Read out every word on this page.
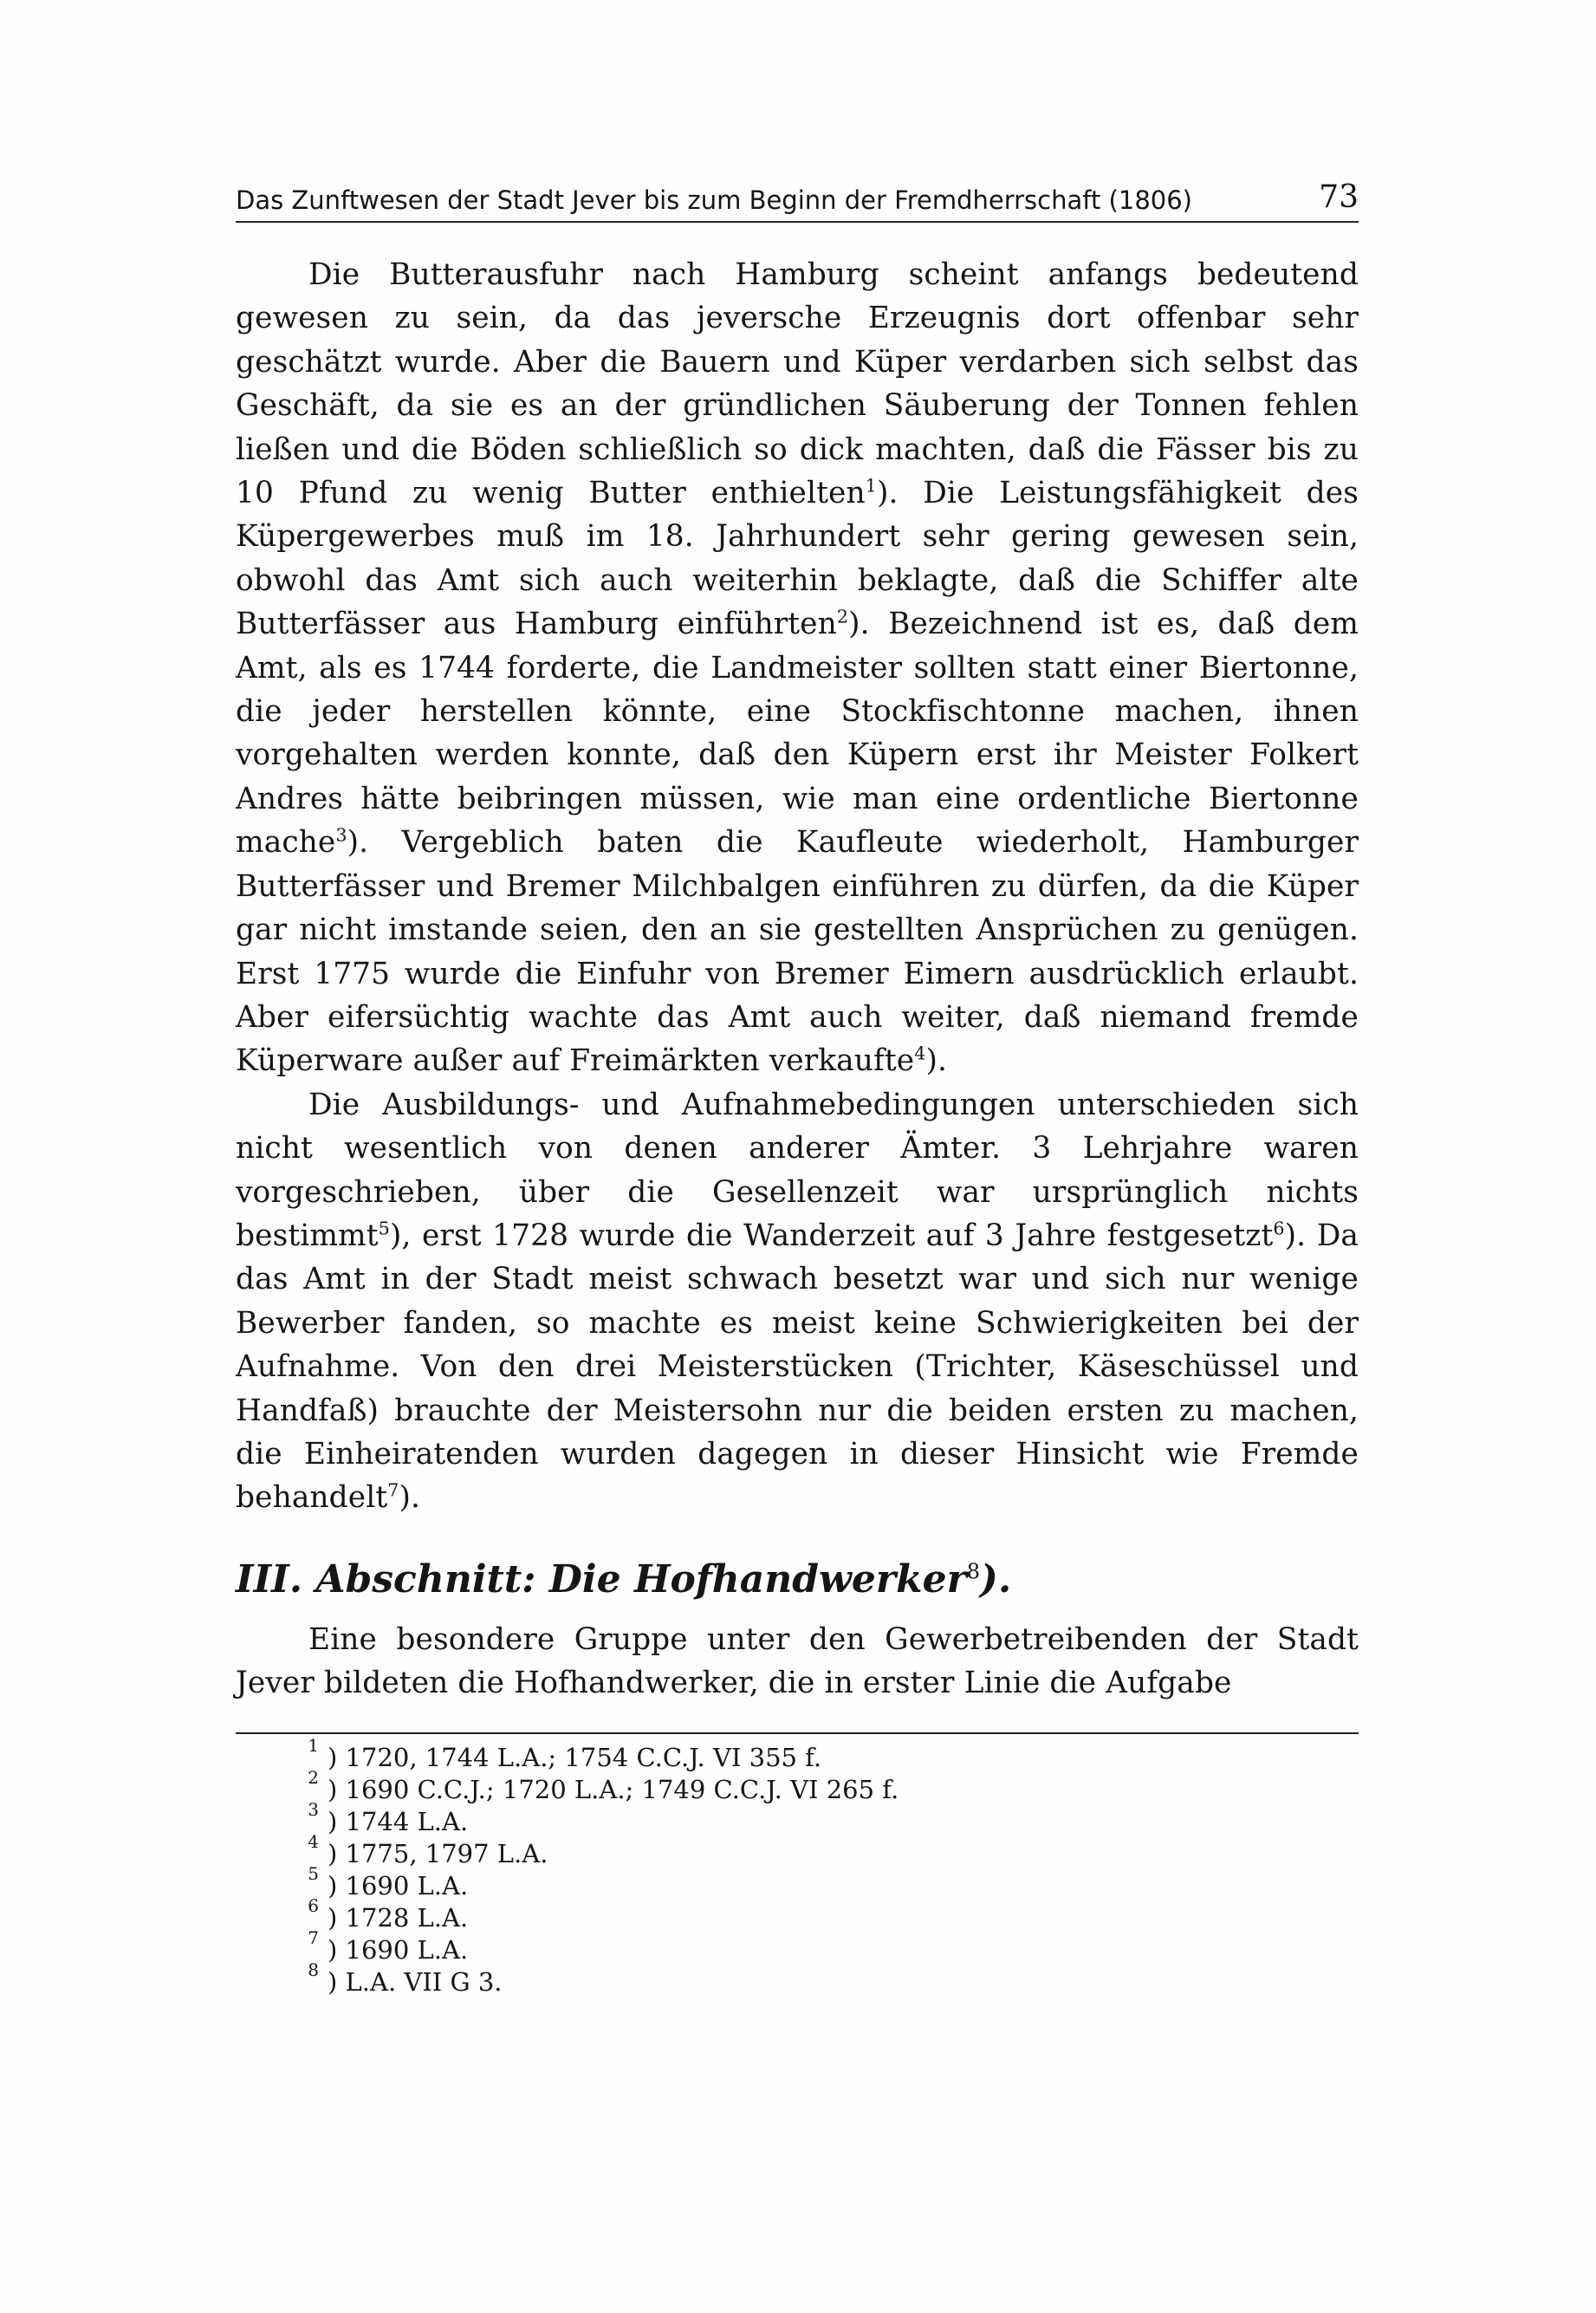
Das Zunftwesen der Stadt Jever bis zum Beginn der Fremdherrschaft (1806)	73

Die Butterausfuhr nach Hamburg scheint anfangs bedeutend gewesen zu sein, da das jeversche Erzeugnis dort offenbar sehr geschätzt wurde. Aber die Bauern und Küper verdarben sich selbst das Geschäft, da sie es an der gründlichen Säuberung der Tonnen fehlen ließen und die Böden schließlich so dick machten, daß die Fässer bis zu 10 Pfund zu wenig Butter enthielten$^1$). Die Leistungsfähigkeit des Küpergewerbes muß im 18. Jahrhundert sehr gering gewesen sein, obwohl das Amt sich auch weiterhin beklagte, daß die Schiffer alte Butterfässer aus Hamburg einführten$^2$). Bezeichnend ist es, daß dem Amt, als es 1744 forderte, die Landmeister sollten statt einer Biertonne, die jeder herstellen könnte, eine Stockfischtonne machen, ihnen vorgehalten werden konnte, daß den Küpern erst ihr Meister Folkert Andres hätte beibringen müssen, wie man eine ordentliche Biertonne mache$^3$). Vergeblich baten die Kaufleute wiederholt, Hamburger Butterfässer und Bremer Milchbalgen einführen zu dürfen, da die Küper gar nicht imstande seien, den an sie gestellten Ansprüchen zu genügen. Erst 1775 wurde die Einfuhr von Bremer Eimern ausdrücklich erlaubt. Aber eifersüchtig wachte das Amt auch weiter, daß niemand fremde Küperware außer auf Freimärkten verkaufte$^4$).

Die Ausbildungs- und Aufnahmebedingungen unterschieden sich nicht wesentlich von denen anderer Ämter. 3 Lehrjahre waren vorgeschrieben, über die Gesellenzeit war ursprünglich nichts bestimmt$^5$), erst 1728 wurde die Wanderzeit auf 3 Jahre festgesetzt$^6$). Da das Amt in der Stadt meist schwach besetzt war und sich nur wenige Bewerber fanden, so machte es meist keine Schwierigkeiten bei der Aufnahme. Von den drei Meisterstücken (Trichter, Käseschüssel und Handfaß) brauchte der Meistersohn nur die beiden ersten zu machen, die Einheiratenden wurden dagegen in dieser Hinsicht wie Fremde behandelt$^7$).

III. Abschnitt: Die Hofhandwerker$^8$).

Eine besondere Gruppe unter den Gewerbetreibenden der Stadt Jever bildeten die Hofhandwerker, die in erster Linie die Aufgabe

1 ) 1720, 1744 L.A.; 1754 C.C.J. VI 355 f.
2 ) 1690 C.C.J.; 1720 L.A.; 1749 C.C.J. VI 265 f.
3 ) 1744 L.A.
4 ) 1775, 1797 L.A.
5 ) 1690 L.A.
6 ) 1728 L.A.
7 ) 1690 L.A.
8 ) L.A. VII G 3.
